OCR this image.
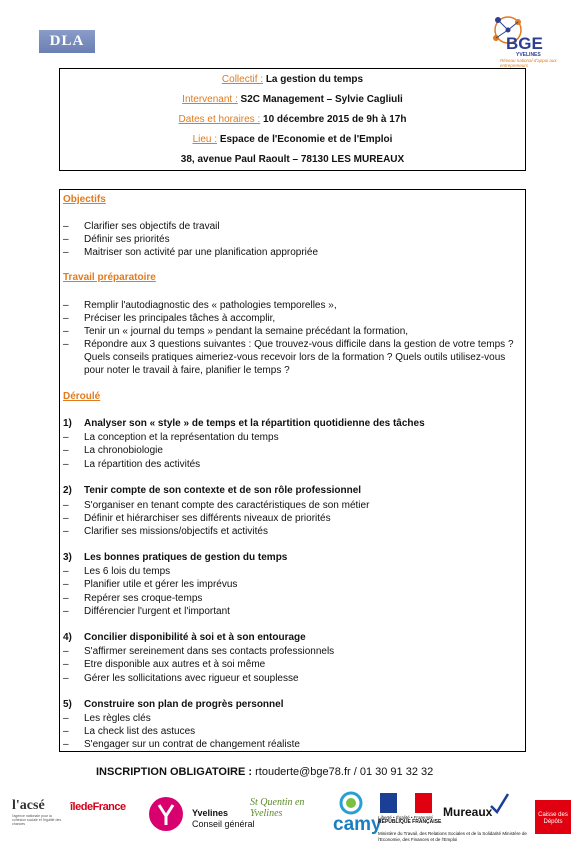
DLA	BGE
YVELINES
Réseau national d'appui aux entrepreneurs
Collectif : La gestion du temps
Intervenant : S2C Management – Sylvie Cagliuli
Dates et horaires : 10 décembre 2015 de 9h à 17h
Lieu : Espace de l'Economie et de l'Emploi
38, avenue Paul Raoult – 78130 LES MUREAUX
Objectifs
– Clarifier ses objectifs de travail
– Définir ses priorités
– Maitriser son activité par une planification appropriée
Travail préparatoire
– Remplir l'autodiagnostic des « pathologies temporelles »,
– Préciser les principales tâches à accomplir,
– Tenir un « journal du temps » pendant la semaine précédant la formation,
– Répondre aux 3 questions suivantes : Que trouvez-vous difficile dans la gestion de votre temps ? Quels conseils pratiques aimeriez-vous recevoir lors de la formation ? Quels outils utilisez-vous pour noter le travail à faire, planifier le temps ?
Déroulé
1) Analyser son « style » de temps et la répartition quotidienne des tâches
– La conception et la représentation du temps
– La chronobiologie
– La répartition des activités
2) Tenir compte de son contexte et de son rôle professionnel
– S'organiser en tenant compte des caractéristiques de son métier
– Définir et hiérarchiser ses différents niveaux de priorités
– Clarifier ses missions/objectifs et activités
3) Les bonnes pratiques de gestion du temps
– Les 6 lois du temps
– Planifier utile et gérer les imprévus
– Repérer ses croque-temps
– Différencier l'urgent et l'important
4) Concilier disponibilité à soi et à son entourage
– S'affirmer sereinement dans ses contacts professionnels
– Etre disponible aux autres et à soi même
– Gérer les sollicitations avec rigueur et souplesse
5) Construire son plan de progrès personnel
– Les règles clés
– La check list des astuces
– S'engager sur un contrat de changement réaliste
INSCRIPTION OBLIGATOIRE : rtouderte@bge78.fr / 01 30 91 32 32
l'acsé
l'agence nationale pour la cohésion sociale et l'égalité des chances
îledeFrance	Yvelines
Conseil général
St Quentin en Yvelines
camy
Liberté • Égalité • Fraternité
RÉPUBLIQUE FRANÇAISE
Ministère du Travail, des Relations Sociales et de la Solidarité Ministère de l'Economie, des Finances et de l'Emploi
Mureaux	Caisse des Dépôts
